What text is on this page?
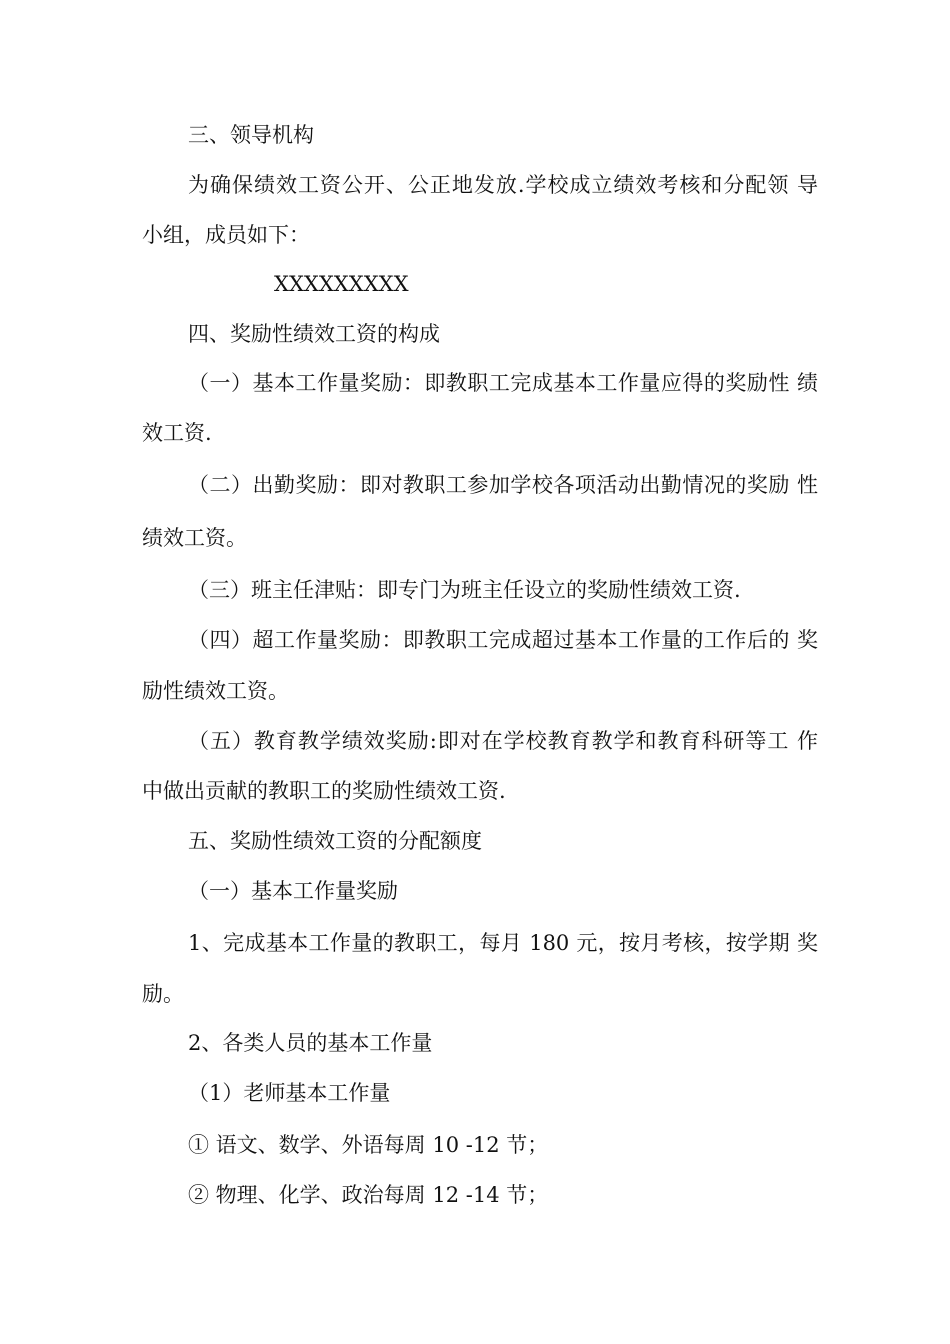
三、领导机构

为确保绩效工资公开、公正地发放.学校成立绩效考核和分配领 导

小组，成员如下：

XXXXXXXXX

四、奖励性绩效工资的构成

（一）基本工作量奖励：即教职工完成基本工作量应得的奖励性 绩

效工资.

（二）出勤奖励：即对教职工参加学校各项活动出勤情况的奖励 性

绩效工资。

（三）班主任津贴：即专门为班主任设立的奖励性绩效工资.

（四）超工作量奖励：即教职工完成超过基本工作量的工作后的 奖

励性绩效工资。

（五）教育教学绩效奖励:即对在学校教育教学和教育科研等工 作

中做出贡献的教职工的奖励性绩效工资.

五、奖励性绩效工资的分配额度

（一）基本工作量奖励

1、完成基本工作量的教职工，每月 180 元，按月考核，按学期 奖

励。

2、各类人员的基本工作量

（1）老师基本工作量

① 语文、数学、外语每周 10 -12 节；

② 物理、化学、政治每周 12 -14 节；
